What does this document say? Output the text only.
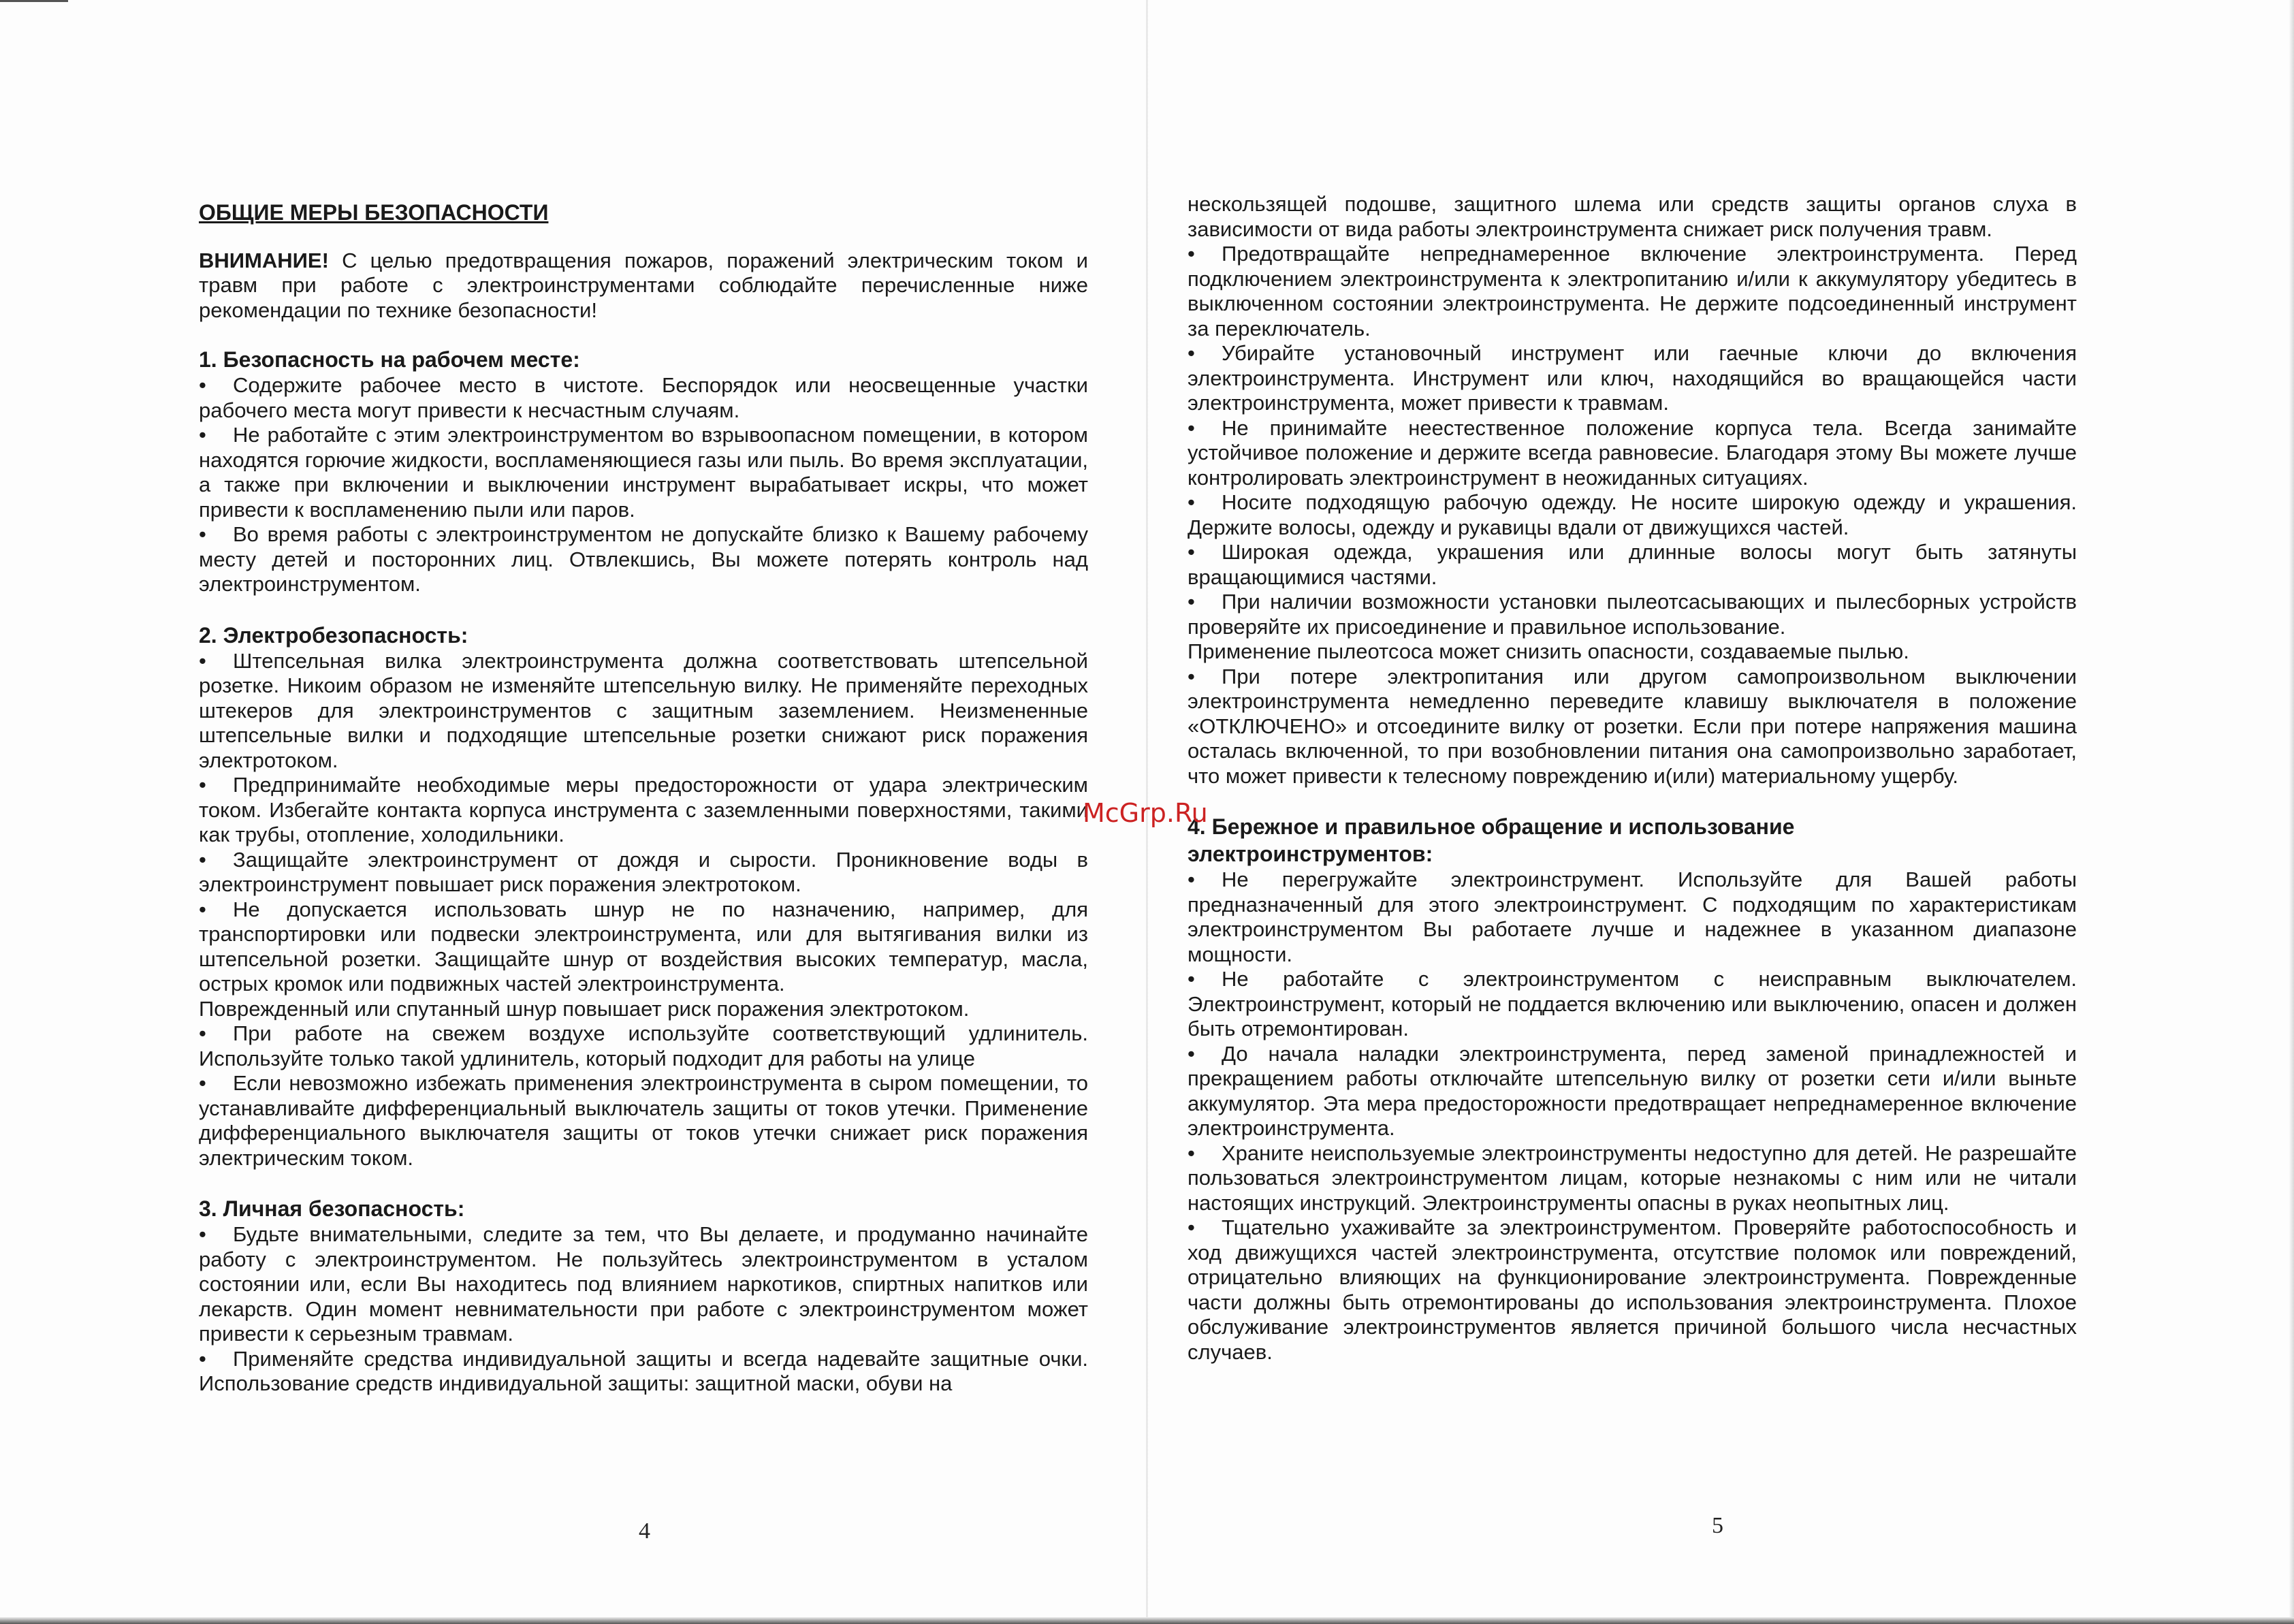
ОБЩИЕ МЕРЫ БЕЗОПАСНОСТИ

ВНИМАНИЕ! С целью предотвращения пожаров, поражений электрическим током и травм при работе с электроинструментами соблюдайте перечисленные ниже рекомендации по технике безопасности!

1. Безопасность на рабочем месте:

• Содержите рабочее место в чистоте. Беспорядок или неосвещенные участки рабочего места могут привести к несчастным случаям.

• Не работайте с этим электроинструментом во взрывоопасном помещении, в котором находятся горючие жидкости, воспламеняющиеся газы или пыль. Во время эксплуатации, а также при включении и выключении инструмент вырабатывает искры, что может привести к воспламенению пыли или паров.

• Во время работы с электроинструментом не допускайте близко к Вашему рабочему месту детей и посторонних лиц. Отвлекшись, Вы можете потерять контроль над электроинструментом.

2. Электробезопасность:

• Штепсельная вилка электроинструмента должна соответствовать штепсельной розетке. Никоим образом не изменяйте штепсельную вилку. Не применяйте переходных штекеров для электроинструментов с защитным заземлением. Неизмененные штепсельные вилки и подходящие штепсельные розетки снижают риск поражения электротоком.

• Предпринимайте необходимые меры предосторожности от удара электрическим током. Избегайте контакта корпуса инструмента с заземленными поверхностями, такими как трубы, отопление, холодильники.

• Защищайте электроинструмент от дождя и сырости. Проникновение воды в электроинструмент повышает риск поражения электротоком.

• Не допускается использовать шнур не по назначению, например, для транспортировки или подвески электроинструмента, или для вытягивания вилки из штепсельной розетки. Защищайте шнур от воздействия высоких температур, масла, острых кромок или подвижных частей электроинструмента.

Поврежденный или спутанный шнур повышает риск поражения электротоком.

• При работе на свежем воздухе используйте соответствующий удлинитель. Используйте только такой удлинитель, который подходит для работы на улице

• Если невозможно избежать применения электроинструмента в сыром помещении, то устанавливайте дифференциальный выключатель защиты от токов утечки. Применение дифференциального выключателя защиты от токов утечки снижает риск поражения электрическим током.

3. Личная безопасность:

• Будьте внимательными, следите за тем, что Вы делаете, и продуманно начинайте работу с электроинструментом. Не пользуйтесь электроинструментом в усталом состоянии или, если Вы находитесь под влиянием наркотиков, спиртных напитков или лекарств. Один момент невнимательности при работе с электроинструментом может привести к серьезным травмам.

• Применяйте средства индивидуальной защиты и всегда надевайте защитные очки. Использование средств индивидуальной защиты: защитной маски, обуви на

4

нескользящей подошве, защитного шлема или средств защиты органов слуха в зависимости от вида работы электроинструмента снижает риск получения травм.

• Предотвращайте непреднамеренное включение электроинструмента. Перед подключением электроинструмента к электропитанию и/или к аккумулятору убедитесь в выключенном состоянии электроинструмента. Не держите подсоединенный инструмент за переключатель.

• Убирайте установочный инструмент или гаечные ключи до включения электроинструмента. Инструмент или ключ, находящийся во вращающейся части электроинструмента, может привести к травмам.

• Не принимайте неестественное положение корпуса тела. Всегда занимайте устойчивое положение и держите всегда равновесие. Благодаря этому Вы можете лучше контролировать электроинструмент в неожиданных ситуациях.

• Носите подходящую рабочую одежду. Не носите широкую одежду и украшения. Держите волосы, одежду и рукавицы вдали от движущихся частей.

• Широкая одежда, украшения или длинные волосы могут быть затянуты вращающимися частями.

• При наличии возможности установки пылеотсасывающих и пылесборных устройств проверяйте их присоединение и правильное использование.

Применение пылеотсоса может снизить опасности, создаваемые пылью.

• При потере электропитания или другом самопроизвольном выключении электроинструмента немедленно переведите клавишу выключателя в положение «ОТКЛЮЧЕНО» и отсоедините вилку от розетки. Если при потере напряжения машина осталась включенной, то при возобновлении питания она самопроизвольно заработает, что может привести к телесному повреждению и(или) материальному ущербу.

4. Бережное и правильное обращение и использование
электроинструментов:

• Не перегружайте электроинструмент. Используйте для Вашей работы предназначенный для этого электроинструмент. С подходящим по характеристикам электроинструментом Вы работаете лучше и надежнее в указанном диапазоне мощности.

• Не работайте с электроинструментом с неисправным выключателем. Электроинструмент, который не поддается включению или выключению, опасен и должен быть отремонтирован.

• До начала наладки электроинструмента, перед заменой принадлежностей и прекращением работы отключайте штепсельную вилку от розетки сети и/или выньте аккумулятор. Эта мера предосторожности предотвращает непреднамеренное включение электроинструмента.

• Храните неиспользуемые электроинструменты недоступно для детей. Не разрешайте пользоваться электроинструментом лицам, которые незнакомы с ним или не читали настоящих инструкций. Электроинструменты опасны в руках неопытных лиц.

• Тщательно ухаживайте за электроинструментом. Проверяйте работоспособность и ход движущихся частей электроинструмента, отсутствие поломок или повреждений, отрицательно влияющих на функционирование электроинструмента. Поврежденные части должны быть отремонтированы до использования электроинструмента. Плохое обслуживание электроинструментов является причиной большого числа несчастных случаев.

5
McGrp.Ru
